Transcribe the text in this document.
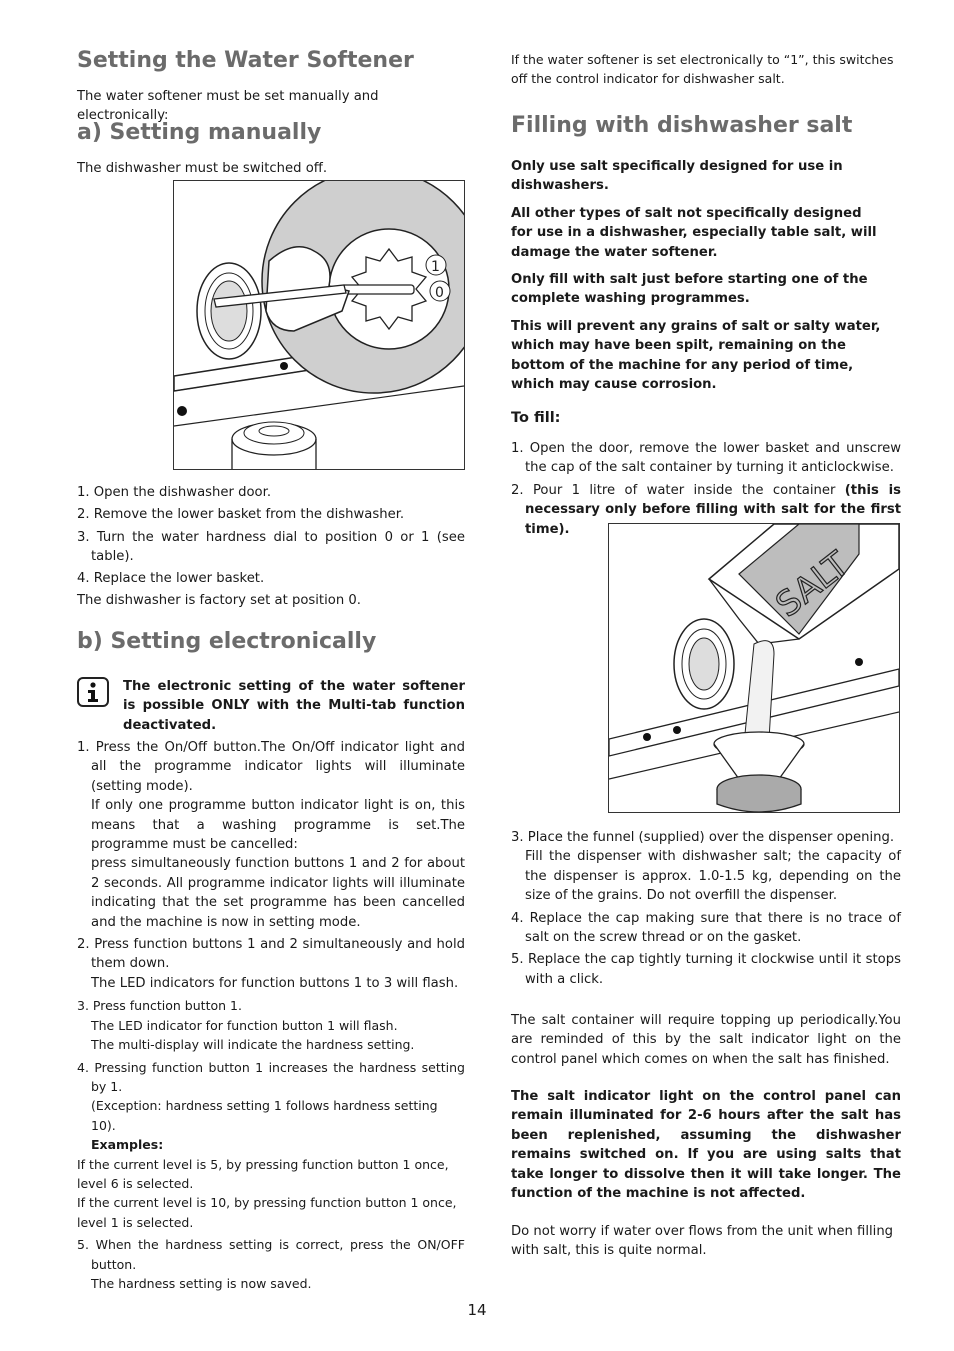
Setting the Water Softener

The water softener must be set manually and electronically:

a) Setting manually

The dishwasher must be switched off.

1
0
1. Open the dishwasher door.
2. Remove the lower basket from the dishwasher.
3. Turn the water hardness dial to position 0 or 1 (see table).
4. Replace the lower basket.
The dishwasher is factory set at position 0.
b) Setting electronically

The electronic setting of the water softener is possible ONLY with the Multi-tab function deactivated.

1. Press the On/Off button.The On/Off indicator light and all the programme indicator lights will illuminate (setting mode).
If only one programme button indicator light is on, this means that a washing programme is set.The programme must be cancelled:
press simultaneously function buttons 1 and 2 for about 2 seconds. All programme indicator lights will illuminate indicating that the set programme has been cancelled and the machine is now in setting mode.
2. Press function buttons 1 and 2 simultaneously and hold them down.
The LED indicators for function buttons 1 to 3 will flash.
3. Press function button 1.
The LED indicator for function button 1 will flash.
The multi-display will indicate the hardness setting.
4. Pressing function button 1 increases the hardness setting by 1.
(Exception: hardness setting 1 follows hardness setting 10).
Examples:
If the current level is 5, by pressing function button 1 once,
level 6 is selected.
If the current level is 10, by pressing function button 1 once,
level 1 is selected.
5. When the hardness setting is correct, press the ON/OFF button.
The hardness setting is now saved.

If the water softener is set electronically to “1”, this switches off the control indicator for dishwasher salt.

Filling with dishwasher salt

Only use salt specifically designed for use in dishwashers.

All other types of salt not specifically designed for use in a dishwasher, especially table salt, will damage the water softener.

Only fill with salt just before starting one of the complete washing programmes.

This will prevent any grains of salt or salty water, which may have been spilt, remaining on the bottom of the machine for any period of time, which may cause corrosion.

To fill:
1. Open the door, remove the lower basket and unscrew the cap of the salt container by turning it anticlockwise.
2. Pour 1 litre of water inside the container (this is necessary only before filling with salt for the first time).
SALT
3. Place the funnel (supplied) over the dispenser opening.
Fill the dispenser with dishwasher salt; the capacity of the dispenser is approx. 1.0-1.5 kg, depending on the size of the grains. Do not overfill the dispenser.
4. Replace the cap making sure that there is no trace of salt on the screw thread or on the gasket.
5. Replace the cap tightly turning it clockwise until it stops with a click.

The salt container will require topping up periodically.You are reminded of this by the salt indicator light on the control panel which comes on when the salt has finished.

The salt indicator light on the control panel can remain illuminated for 2-6 hours after the salt has been replenished, assuming the dishwasher remains switched on. If you are using salts that take longer to dissolve then it will take longer. The function of the machine is not affected.

Do not worry if water over flows from the unit when filling with salt, this is quite normal.

14
